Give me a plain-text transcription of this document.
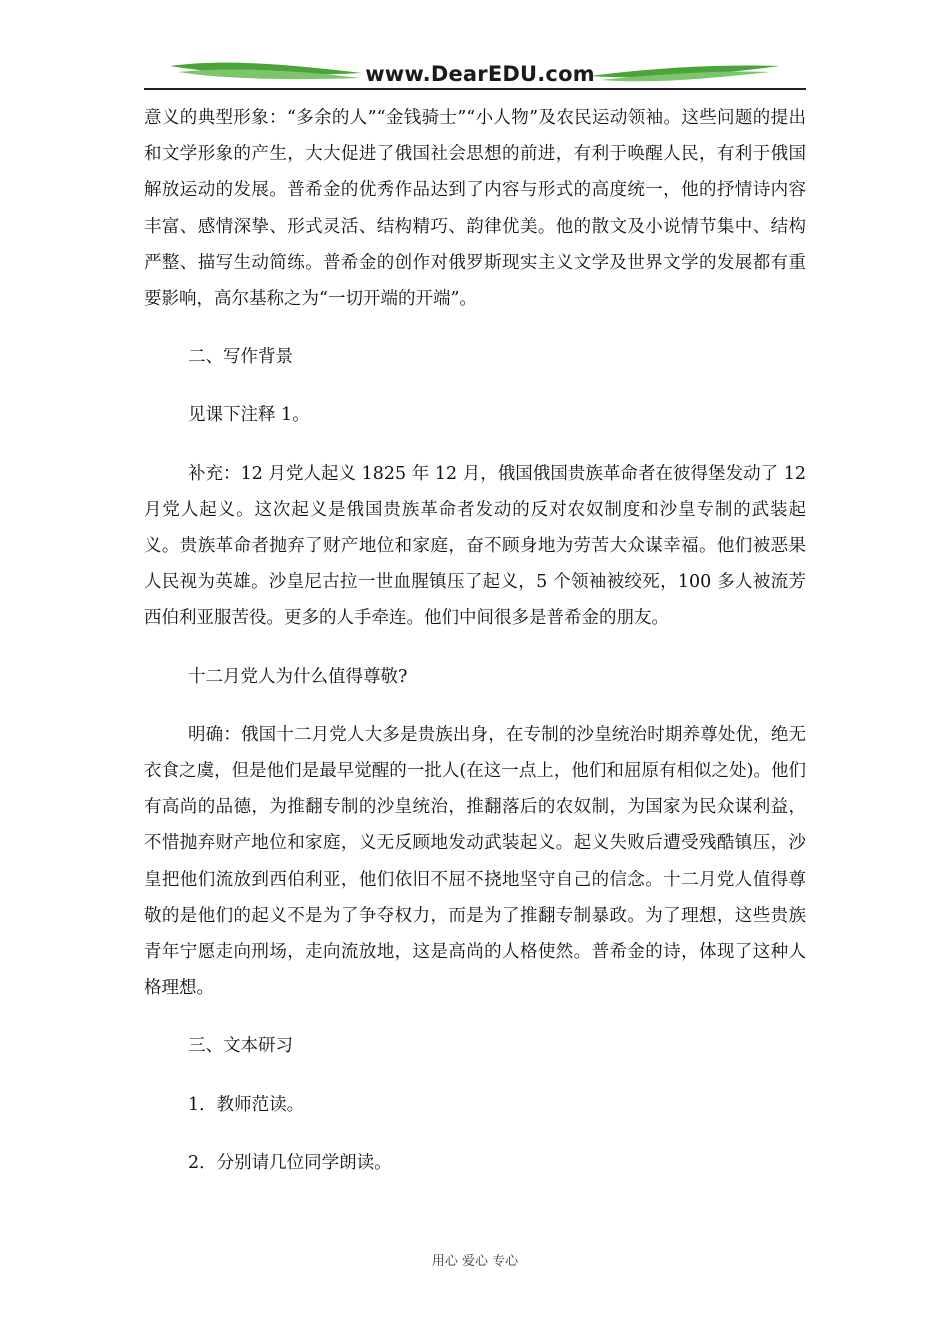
www.DearEDU.com

意义的典型形象：“多余的人”“金钱骑士”“小人物”及农民运动领袖。这些问题的提出和文学形象的产生，大大促进了俄国社会思想的前进，有利于唤醒人民，有利于俄国解放运动的发展。普希金的优秀作品达到了内容与形式的高度统一，他的抒情诗内容丰富、感情深挚、形式灵活、结构精巧、韵律优美。他的散文及小说情节集中、结构严整、描写生动简练。普希金的创作对俄罗斯现实主义文学及世界文学的发展都有重要影响，高尔基称之为“一切开端的开端”。

二、写作背景

见课下注释 1。

补充：12 月党人起义 1825 年 12 月，俄国俄国贵族革命者在彼得堡发动了 12 月党人起义。这次起义是俄国贵族革命者发动的反对农奴制度和沙皇专制的武装起义。贵族革命者抛弃了财产地位和家庭，奋不顾身地为劳苦大众谋幸福。他们被恶果人民视为英雄。沙皇尼古拉一世血腥镇压了起义，5 个领袖被绞死，100 多人被流芳西伯利亚服苦役。更多的人手牵连。他们中间很多是普希金的朋友。

十二月党人为什么值得尊敬?

明确：俄国十二月党人大多是贵族出身，在专制的沙皇统治时期养尊处优，绝无衣食之虞，但是他们是最早觉醒的一批人(在这一点上，他们和屈原有相似之处)。他们有高尚的品德，为推翻专制的沙皇统治，推翻落后的农奴制，为国家为民众谋利益，不惜抛弃财产地位和家庭，义无反顾地发动武装起义。起义失败后遭受残酷镇压，沙皇把他们流放到西伯利亚，他们依旧不屈不挠地坚守自己的信念。十二月党人值得尊敬的是他们的起义不是为了争夺权力，而是为了推翻专制暴政。为了理想，这些贵族青年宁愿走向刑场，走向流放地，这是高尚的人格使然。普希金的诗，体现了这种人格理想。

三、文本研习

1．教师范读。

2．分别请几位同学朗读。

用心 爱心 专心
